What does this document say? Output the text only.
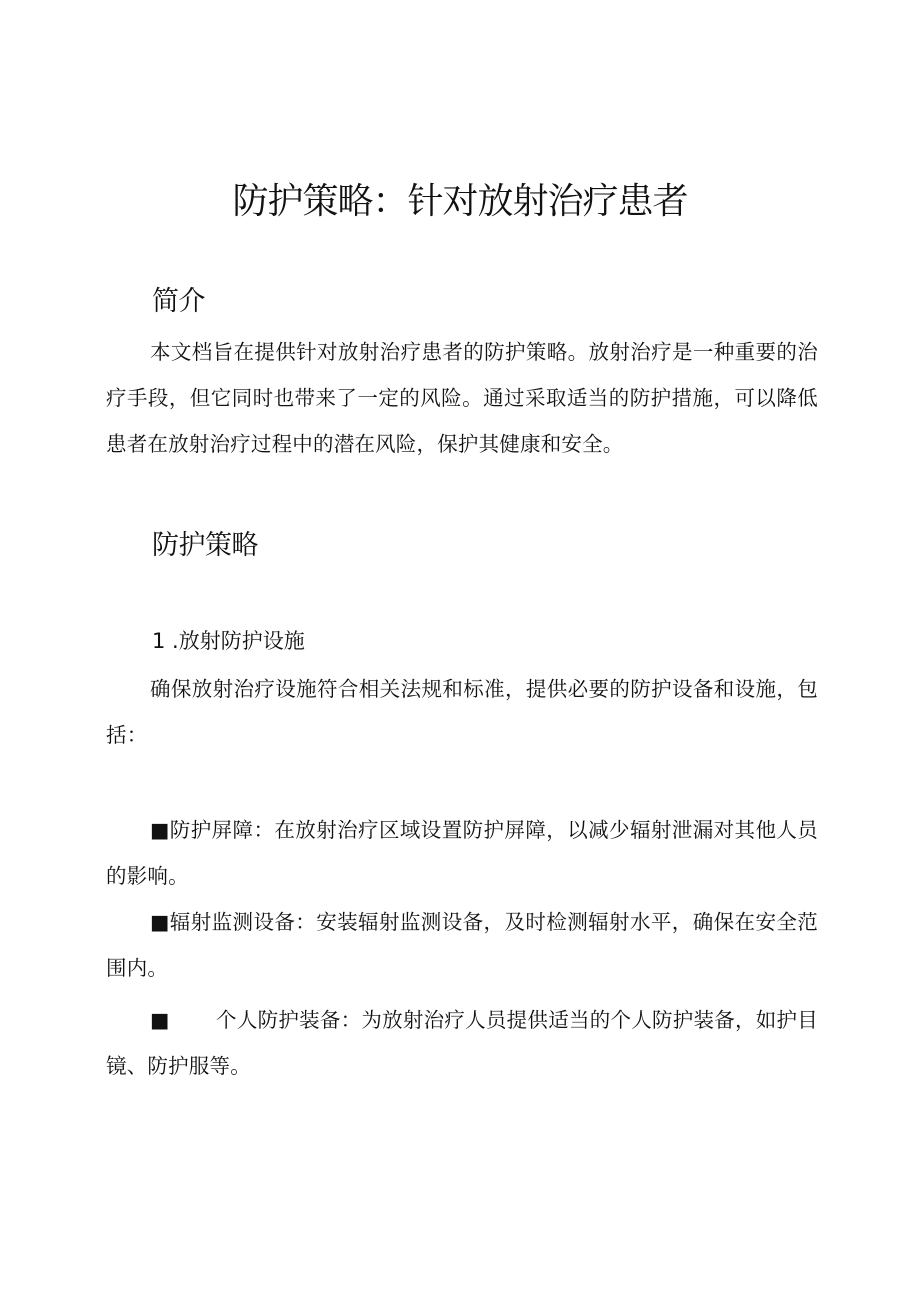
防护策略：针对放射治疗患者
简介

本文档旨在提供针对放射治疗患者的防护策略。放射治疗是一种重要的治疗手段，但它同时也带来了一定的风险。通过采取适当的防护措施，可以降低患者在放射治疗过程中的潜在风险，保护其健康和安全。

防护策略
1 .放射防护设施

确保放射治疗设施符合相关法规和标准，提供必要的防护设备和设施，包括：

■防护屏障：在放射治疗区域设置防护屏障，以减少辐射泄漏对其他人员的影响。

■辐射监测设备：安装辐射监测设备，及时检测辐射水平，确保在安全范围内。

■ 个人防护装备：为放射治疗人员提供适当的个人防护装备，如护目镜、防护服等。
